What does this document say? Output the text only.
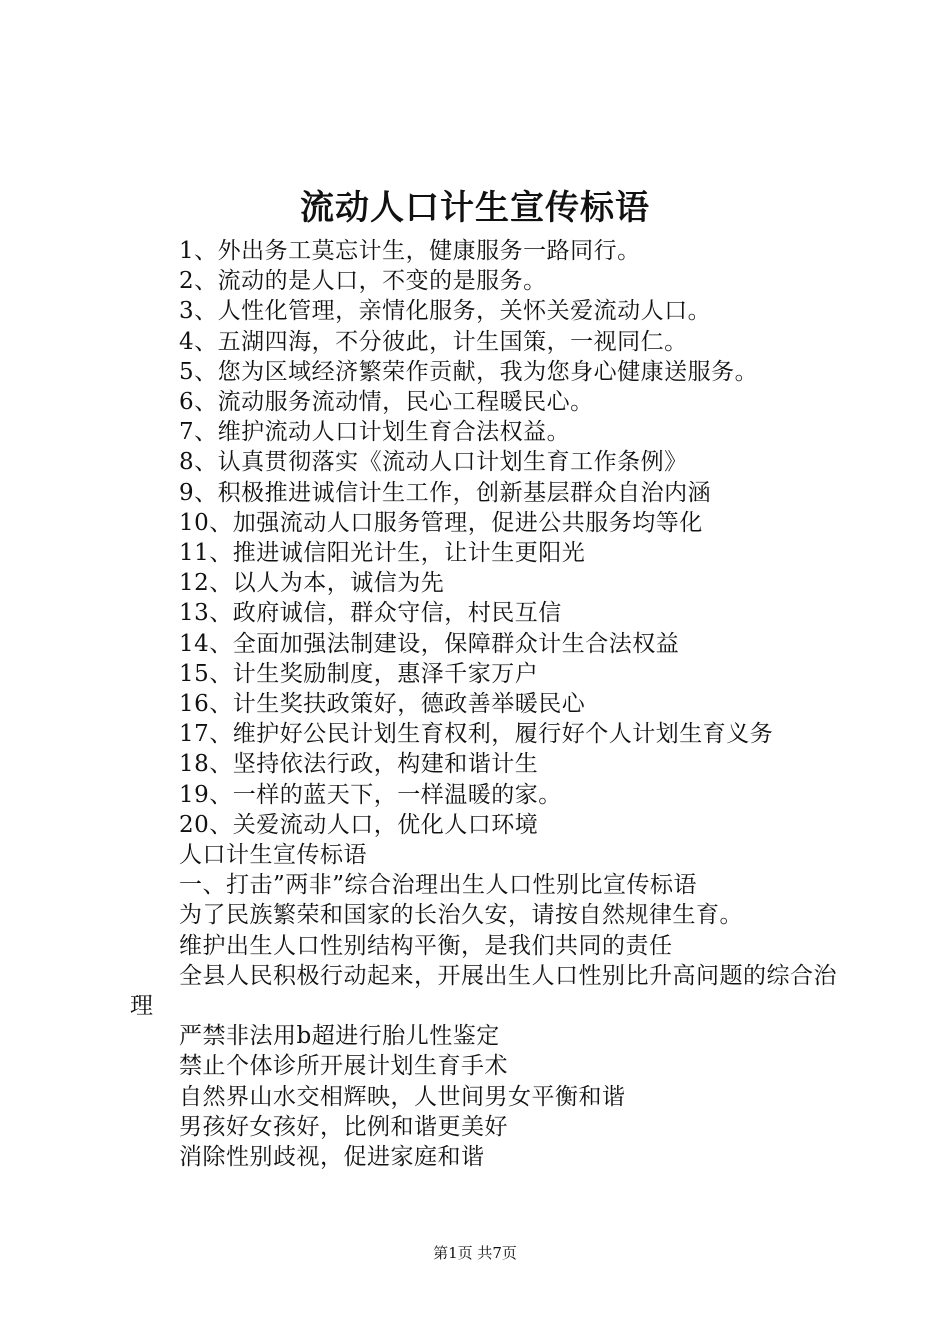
流动人口计生宣传标语

1、外出务工莫忘计生，健康服务一路同行。

2、流动的是人口，不变的是服务。

3、人性化管理，亲情化服务，关怀关爱流动人口。

4、五湖四海，不分彼此，计生国策，一视同仁。

5、您为区域经济繁荣作贡献，我为您身心健康送服务。

6、流动服务流动情，民心工程暖民心。

7、维护流动人口计划生育合法权益。

8、认真贯彻落实《流动人口计划生育工作条例》

9、积极推进诚信计生工作，创新基层群众自治内涵

10、加强流动人口服务管理，促进公共服务均等化

11、推进诚信阳光计生，让计生更阳光

12、以人为本，诚信为先

13、政府诚信，群众守信，村民互信

14、全面加强法制建设，保障群众计生合法权益

15、计生奖励制度，惠泽千家万户

16、计生奖扶政策好，德政善举暖民心

17、维护好公民计划生育权利，履行好个人计划生育义务

18、坚持依法行政，构建和谐计生

19、一样的蓝天下，一样温暖的家。

20、关爱流动人口，优化人口环境

人口计生宣传标语

一、打击”两非”综合治理出生人口性别比宣传标语

为了民族繁荣和国家的长治久安，请按自然规律生育。

维护出生人口性别结构平衡，是我们共同的责任

全县人民积极行动起来，开展出生人口性别比升高问题的综合治理

严禁非法用b超进行胎儿性鉴定

禁止个体诊所开展计划生育手术

自然界山水交相辉映，人世间男女平衡和谐

男孩好女孩好，比例和谐更美好

消除性别歧视，促进家庭和谐

第1页 共7页
